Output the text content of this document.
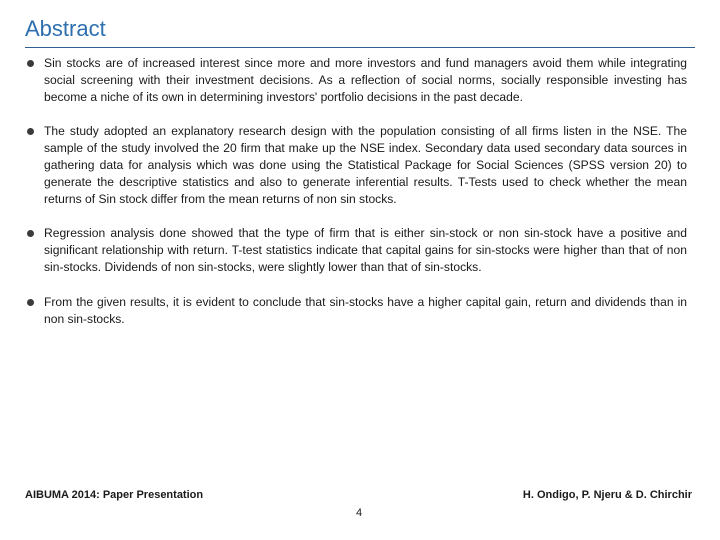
Abstract
Sin stocks are of increased interest since more and more investors and fund managers avoid them while integrating social screening with their investment decisions. As a reflection of social norms, socially responsible investing has become a niche of its own in determining investors' portfolio decisions in the past decade.
The study adopted an explanatory research design with the population consisting of all firms listen in the NSE. The sample of the study involved the 20 firm that make up the NSE index. Secondary data used secondary data sources in gathering data for analysis which was done using the Statistical Package for Social Sciences (SPSS version 20) to generate the descriptive statistics and also to generate inferential results. T-Tests used to check whether the mean returns of Sin stock differ from the mean returns of non sin stocks.
Regression analysis done showed that the type of firm that is either sin-stock or non sin-stock have a positive and significant relationship with return. T-test statistics indicate that capital gains for sin-stocks were higher than that of non sin-stocks. Dividends of non sin-stocks, were slightly lower than that of sin-stocks.
From the given results, it is evident to conclude that sin-stocks have a higher capital gain, return and dividends than in non sin-stocks.
AIBUMA 2014: Paper Presentation	H. Ondigo, P. Njeru & D. Chirchir
4
